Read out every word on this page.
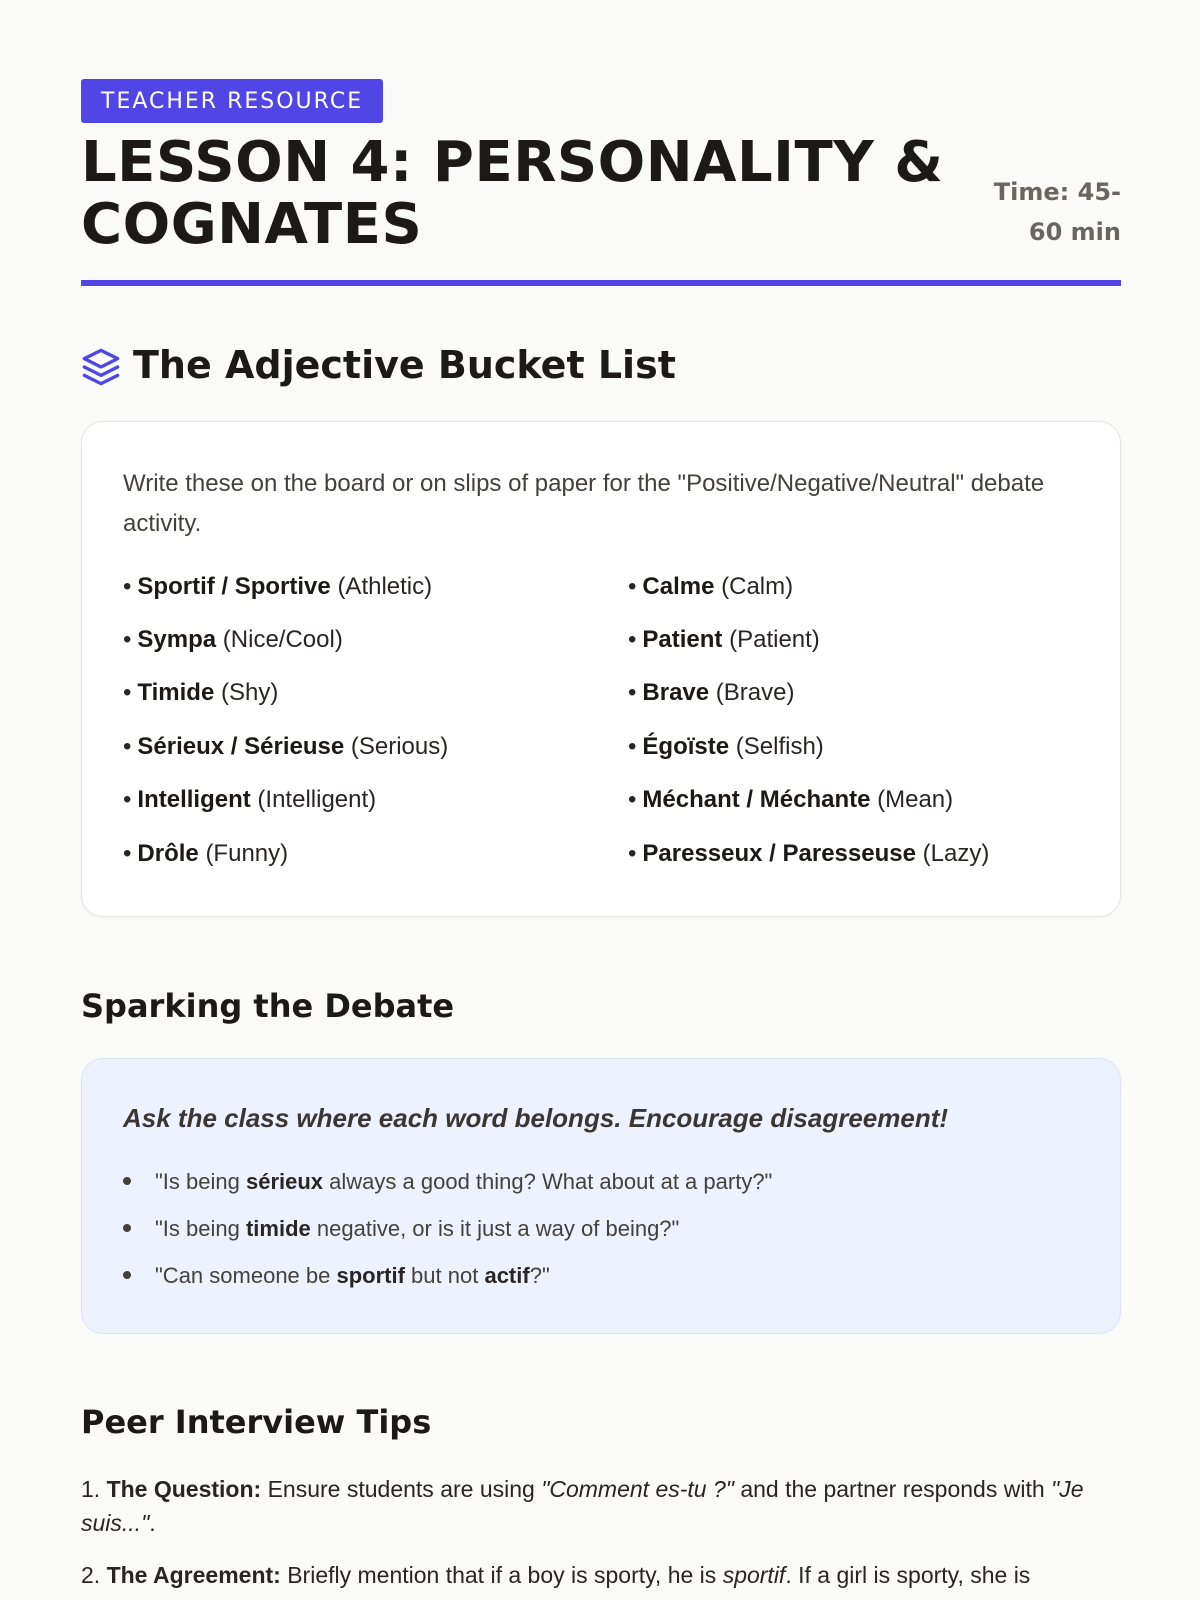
TEACHER RESOURCE
LESSON 4: PERSONALITY & COGNATES	Time: 45-60 min
The Adjective Bucket List

Write these on the board or on slips of paper for the "Positive/Negative/Neutral" debate activity.

• Sportif / Sportive (Athletic)
• Sympa (Nice/Cool)
• Timide (Shy)
• Sérieux / Sérieuse (Serious)
• Intelligent (Intelligent)
• Drôle (Funny)
• Calme (Calm)
• Patient (Patient)
• Brave (Brave)
• Égoïste (Selfish)
• Méchant / Méchante (Mean)
• Paresseux / Paresseuse (Lazy)
Sparking the Debate

Ask the class where each word belongs. Encourage disagreement!

"Is being sérieux always a good thing? What about at a party?"
"Is being timide negative, or is it just a way of being?"
"Can someone be sportif but not actif?"
Peer Interview Tips

1. The Question: Ensure students are using "Comment es-tu ?" and the partner responds with "Je suis...".

2. The Agreement: Briefly mention that if a boy is sporty, he is sportif. If a girl is sporty, she is
